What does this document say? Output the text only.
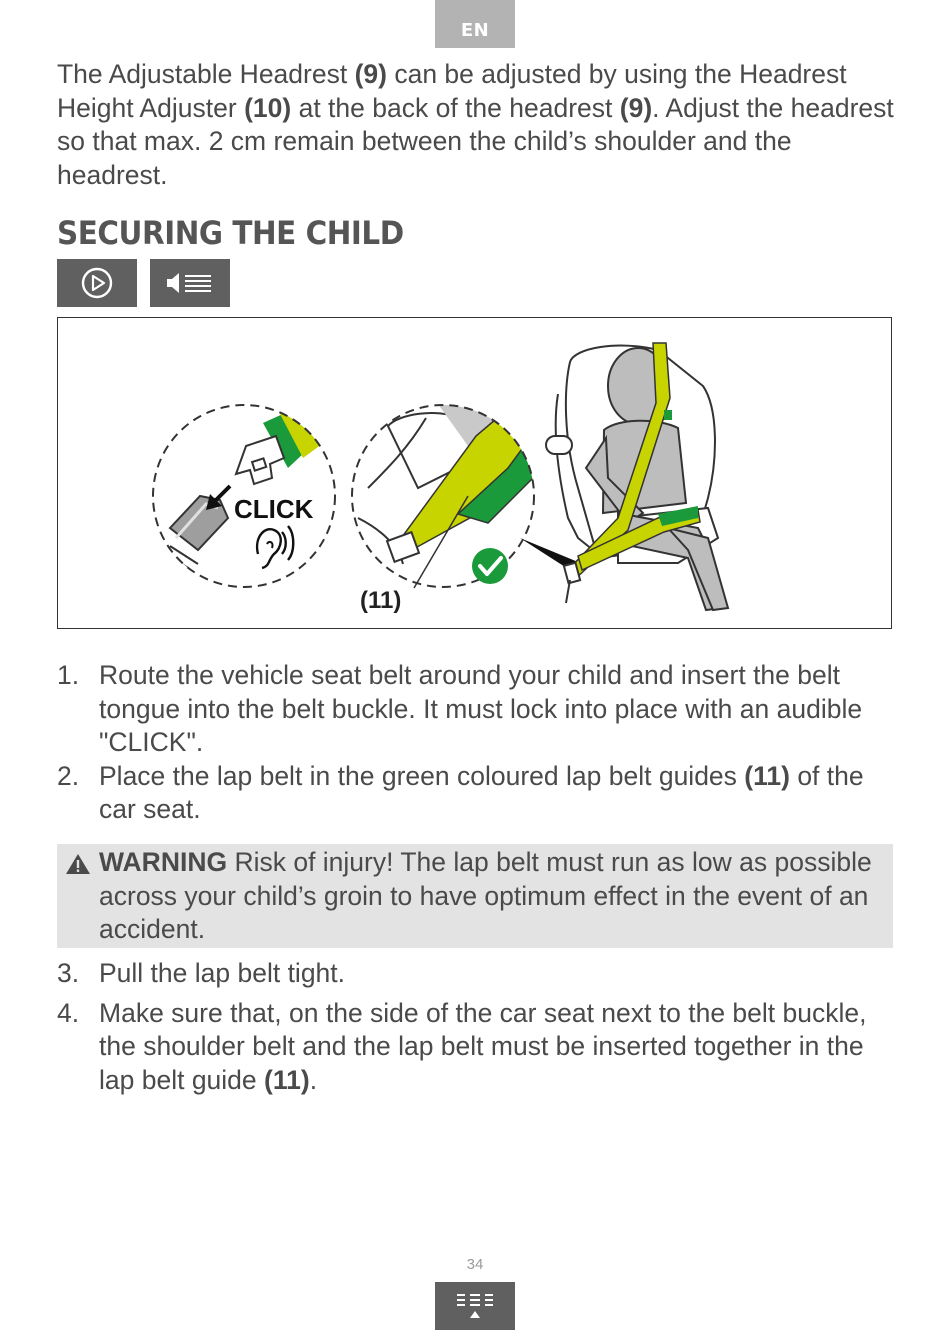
EN

The Adjustable Headrest (9) can be adjusted by using the Headrest Height Adjuster (10) at the back of the headrest (9). Adjust the headrest so that max. 2 cm remain between the child’s shoulder and the headrest.

SECURING THE CHILD
CLICK
(11)
1. Route the vehicle seat belt around your child and insert the belt tongue into the belt buckle. It must lock into place with an audible "CLICK".
2. Place the lap belt in the green coloured lap belt guides (11) of the car seat.
WARNING Risk of injury! The lap belt must run as low as possible across your child’s groin to have optimum effect in the event of an accident.
3. Pull the lap belt tight.
4. Make sure that, on the side of the car seat next to the belt buckle, the shoulder belt and the lap belt must be inserted together in the lap belt guide (11).
34
